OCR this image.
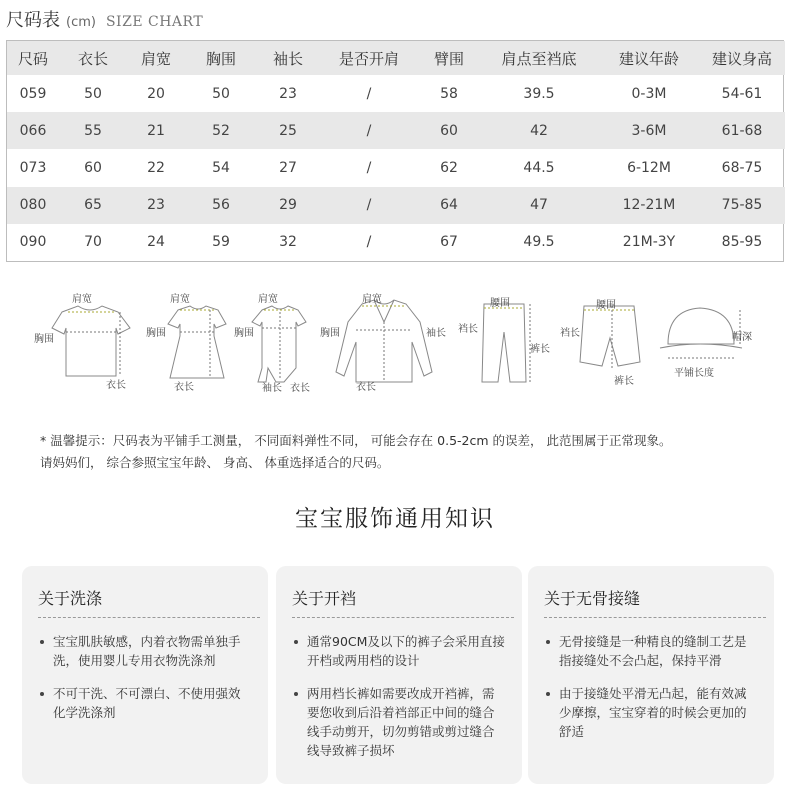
尺码表 (cm) SIZE CHART
尺码	衣长	肩宽	胸围	袖长	是否开肩	臂围	肩点至裆底	建议年龄	建议身高
059	50	20	50	23	/	58	39.5	0-3M	54-61
066	55	21	52	25	/	60	42	3-6M	61-68
073	60	22	54	27	/	62	44.5	6-12M	68-75
080	65	23	56	29	/	64	47	12-21M	75-85
090	70	24	59	32	/	67	49.5	21M-3Y	85-95
肩宽
胸围
衣长
肩宽
胸围
衣长
肩宽
胸围
袖长 衣长
肩宽
胸围	袖长
衣长
腰围
裆长
裤长
腰围
裆长
裤长
帽深
平铺长度
* 温馨提示：尺码表为平铺手工测量， 不同面料弹性不同， 可能会存在 0.5-2cm 的误差， 此范围属于正常现象。
请妈妈们， 综合参照宝宝年龄、 身高、 体重选择适合的尺码。
宝宝服饰通用知识
关于洗涤
宝宝肌肤敏感，内着衣物需单独手洗，使用婴儿专用衣物洗涤剂
不可干洗、不可漂白、不使用强效化学洗涤剂
关于开裆
通常90CM及以下的裤子会采用直接开档或两用档的设计
两用档长裤如需要改成开裆裤，需要您收到后沿着裆部正中间的缝合线手动剪开，切勿剪错或剪过缝合线导致裤子损坏
关于无骨接缝
无骨接缝是一种精良的缝制工艺是指接缝处不会凸起，保持平滑
由于接缝处平滑无凸起，能有效减少摩擦，宝宝穿着的时候会更加的舒适
